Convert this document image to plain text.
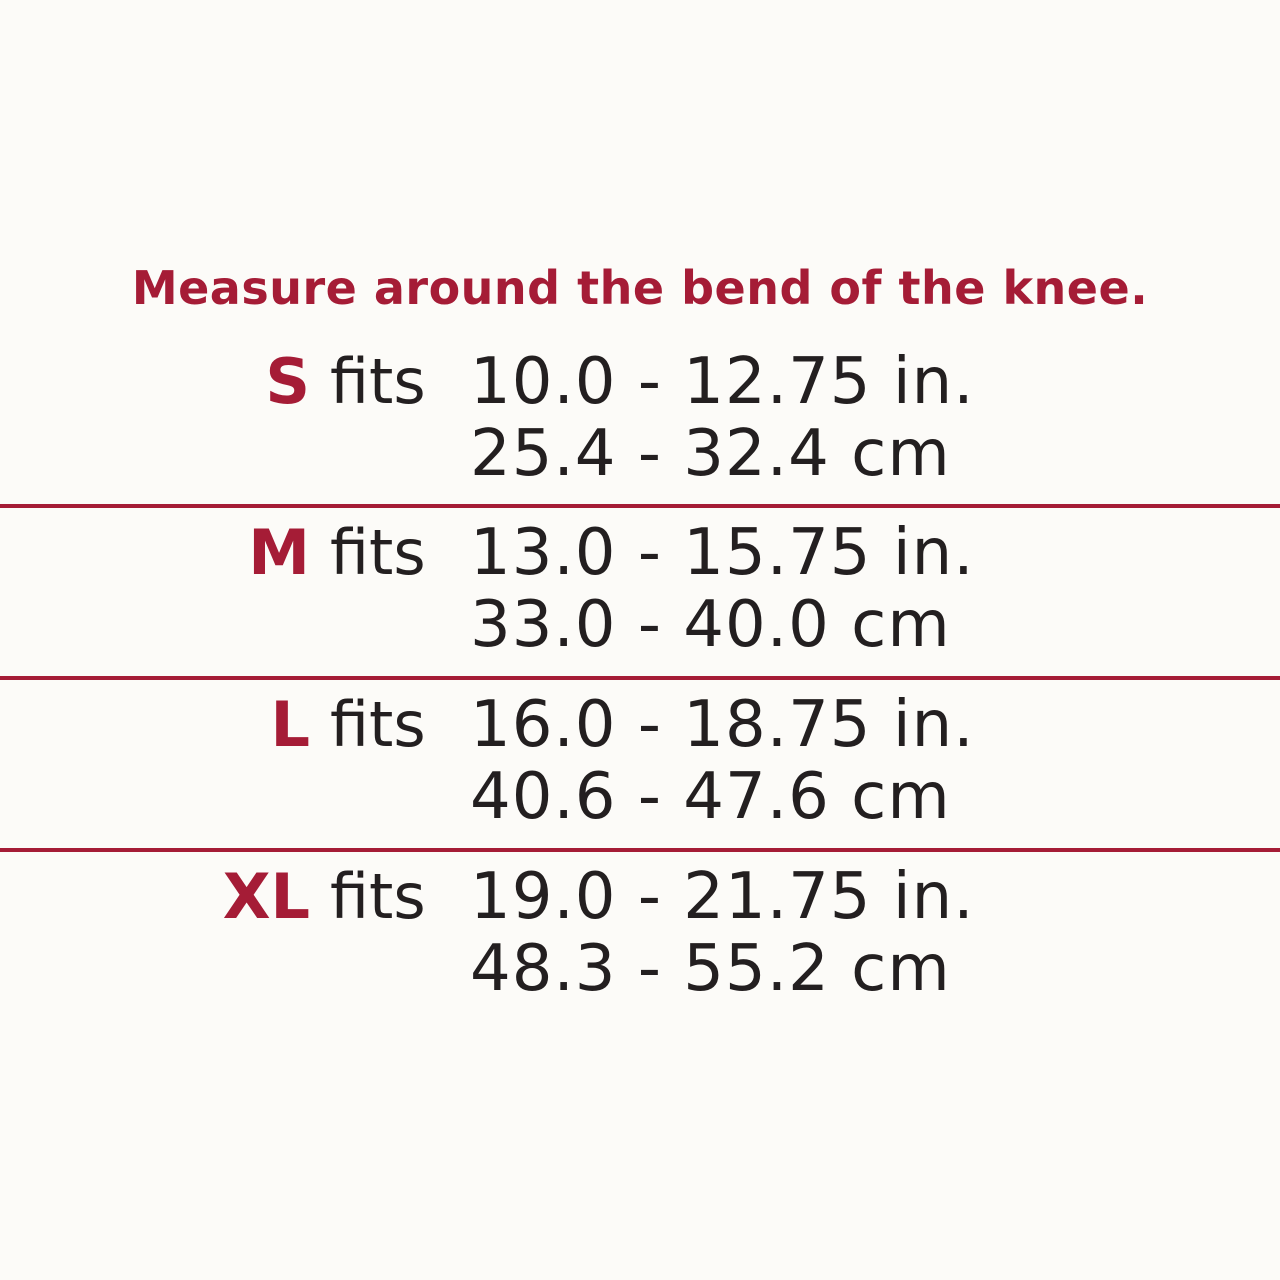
Measure around the bend of the knee.
S fits 10.0 - 12.75 in.
25.4 - 32.4 cm
M fits 13.0 - 15.75 in.
33.0 - 40.0 cm
L fits 16.0 - 18.75 in.
40.6 - 47.6 cm
XL fits 19.0 - 21.75 in.
48.3 - 55.2 cm
